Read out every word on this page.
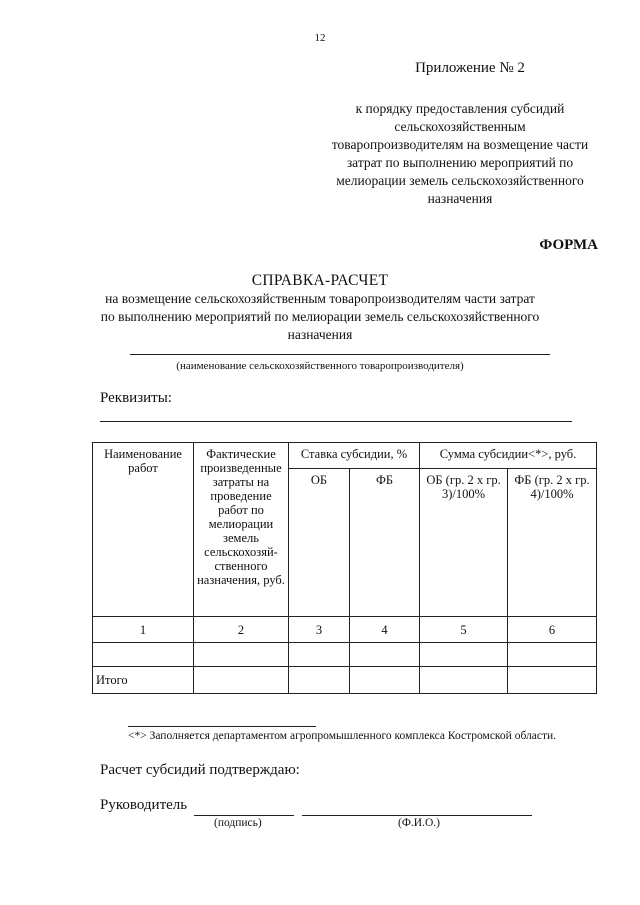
12
Приложение № 2
к порядку предоставления субсидий сельскохозяйственным товаропроизводителям на возмещение части затрат по выполнению мероприятий по мелиорации земель сельскохозяйственного назначения
ФОРМА
СПРАВКА-РАСЧЕТ
на возмещение сельскохозяйственным товаропроизводителям части затрат по выполнению мероприятий по мелиорации земель сельскохозяйственного назначения
(наименование сельскохозяйственного товаропроизводителя)
Реквизиты:
Наименование работ	Фактические произведенные затраты на проведение работ по мелиорации земель сельскохозяй-ственного назначения, руб.	Ставка субсидии, %		Сумма субсидии<*>, руб.	
		ОБ	ФБ	ОБ (гр. 2 х гр. 3)/100%	ФБ (гр. 2 х гр. 4)/100%
1	2	3	4	5	6

Итого					
<*> Заполняется департаментом агропромышленного комплекса Костромской области.
Расчет субсидий подтверждаю:
Руководитель
(подпись)	(Ф.И.О.)
